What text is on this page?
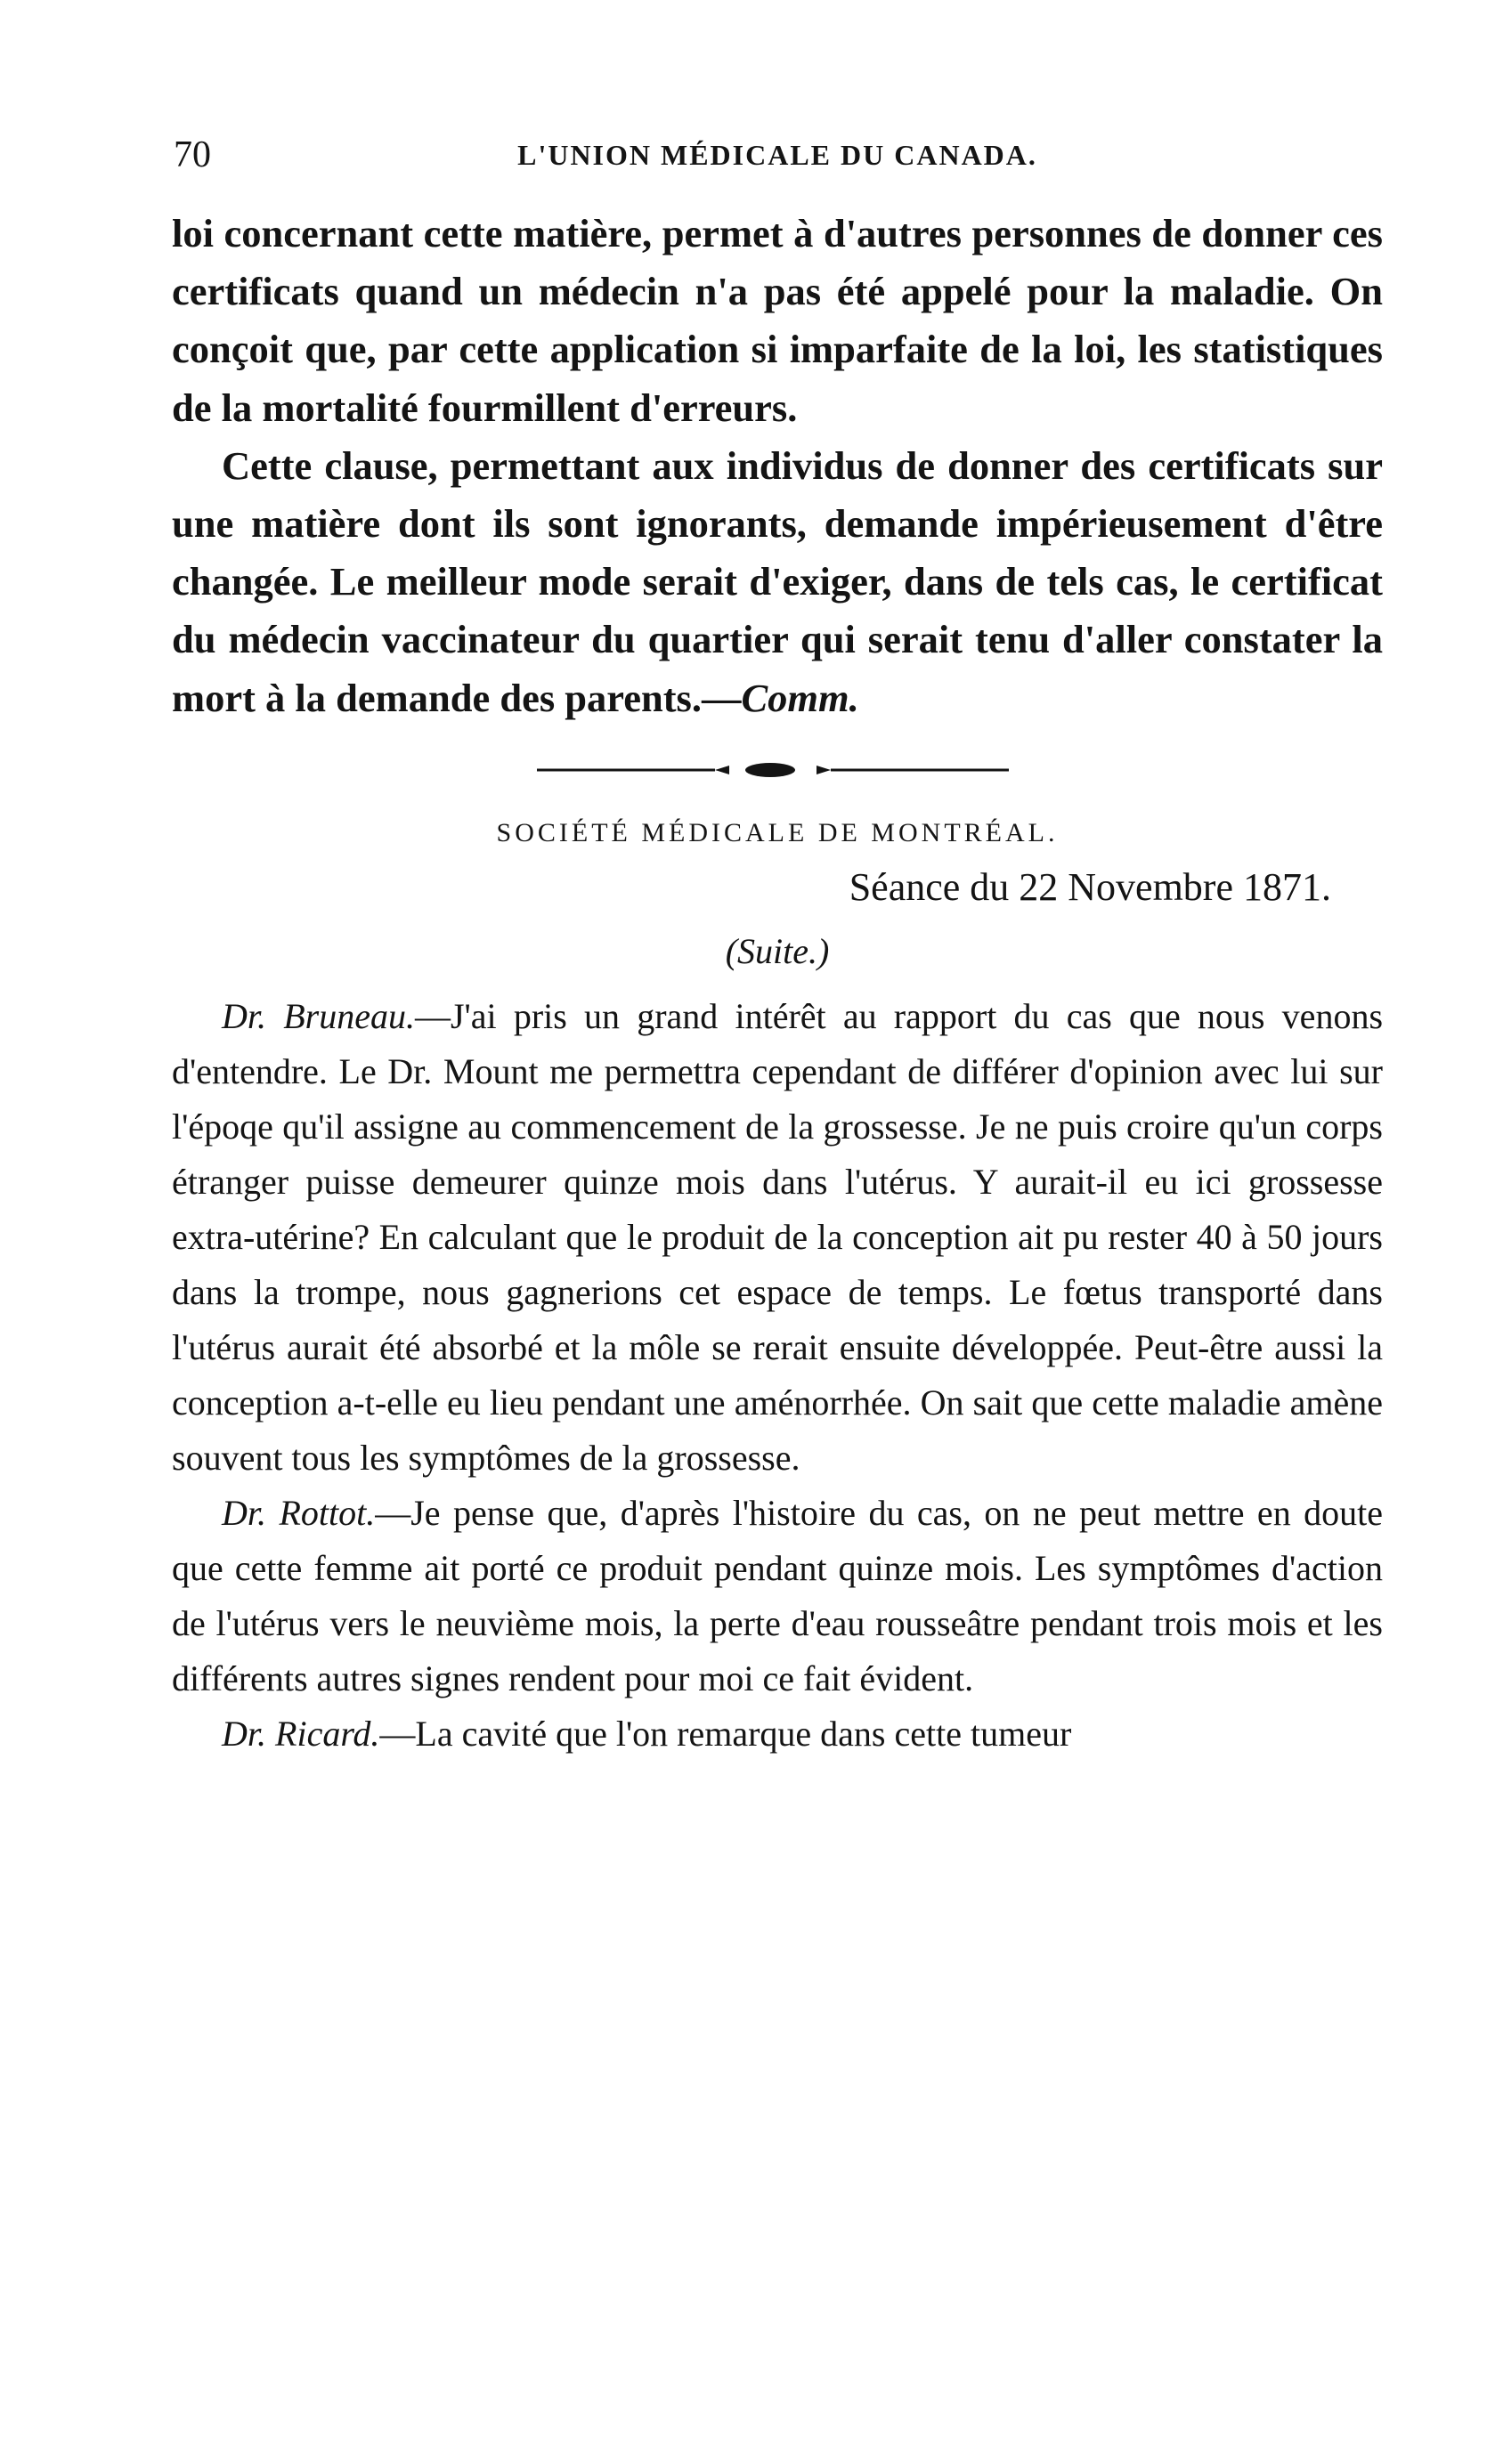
70	L'UNION MÉDICALE DU CANADA.

loi concernant cette matière, permet à d'autres personnes de donner ces certificats quand un médecin n'a pas été appelé pour la maladie. On conçoit que, par cette application si imparfaite de la loi, les statistiques de la mortalité fourmillent d'erreurs.

Cette clause, permettant aux individus de donner des certificats sur une matière dont ils sont ignorants, demande impérieusement d'être changée. Le meilleur mode serait d'exiger, dans de tels cas, le certificat du médecin vaccinateur du quartier qui serait tenu d'aller constater la mort à la demande des parents.—Comm.

SOCIÉTÉ MÉDICALE DE MONTRÉAL.
Séance du 22 Novembre 1871.
(Suite.)

Dr. Bruneau.—J'ai pris un grand intérêt au rapport du cas que nous venons d'entendre. Le Dr. Mount me permettra cependant de différer d'opinion avec lui sur l'époqe qu'il assigne au commencement de la grossesse. Je ne puis croire qu'un corps étranger puisse demeurer quinze mois dans l'utérus. Y aurait-il eu ici grossesse extra-utérine? En calculant que le produit de la conception ait pu rester 40 à 50 jours dans la trompe, nous gagnerions cet espace de temps. Le fœtus transporté dans l'utérus aurait été absorbé et la môle se rerait ensuite développée. Peut-être aussi la conception a-t-elle eu lieu pendant une aménorrhée. On sait que cette maladie amène souvent tous les symptômes de la grossesse.

Dr. Rottot.—Je pense que, d'après l'histoire du cas, on ne peut mettre en doute que cette femme ait porté ce produit pendant quinze mois. Les symptômes d'action de l'utérus vers le neuvième mois, la perte d'eau rousseâtre pendant trois mois et les différents autres signes rendent pour moi ce fait évident.

Dr. Ricard.—La cavité que l'on remarque dans cette tumeur
